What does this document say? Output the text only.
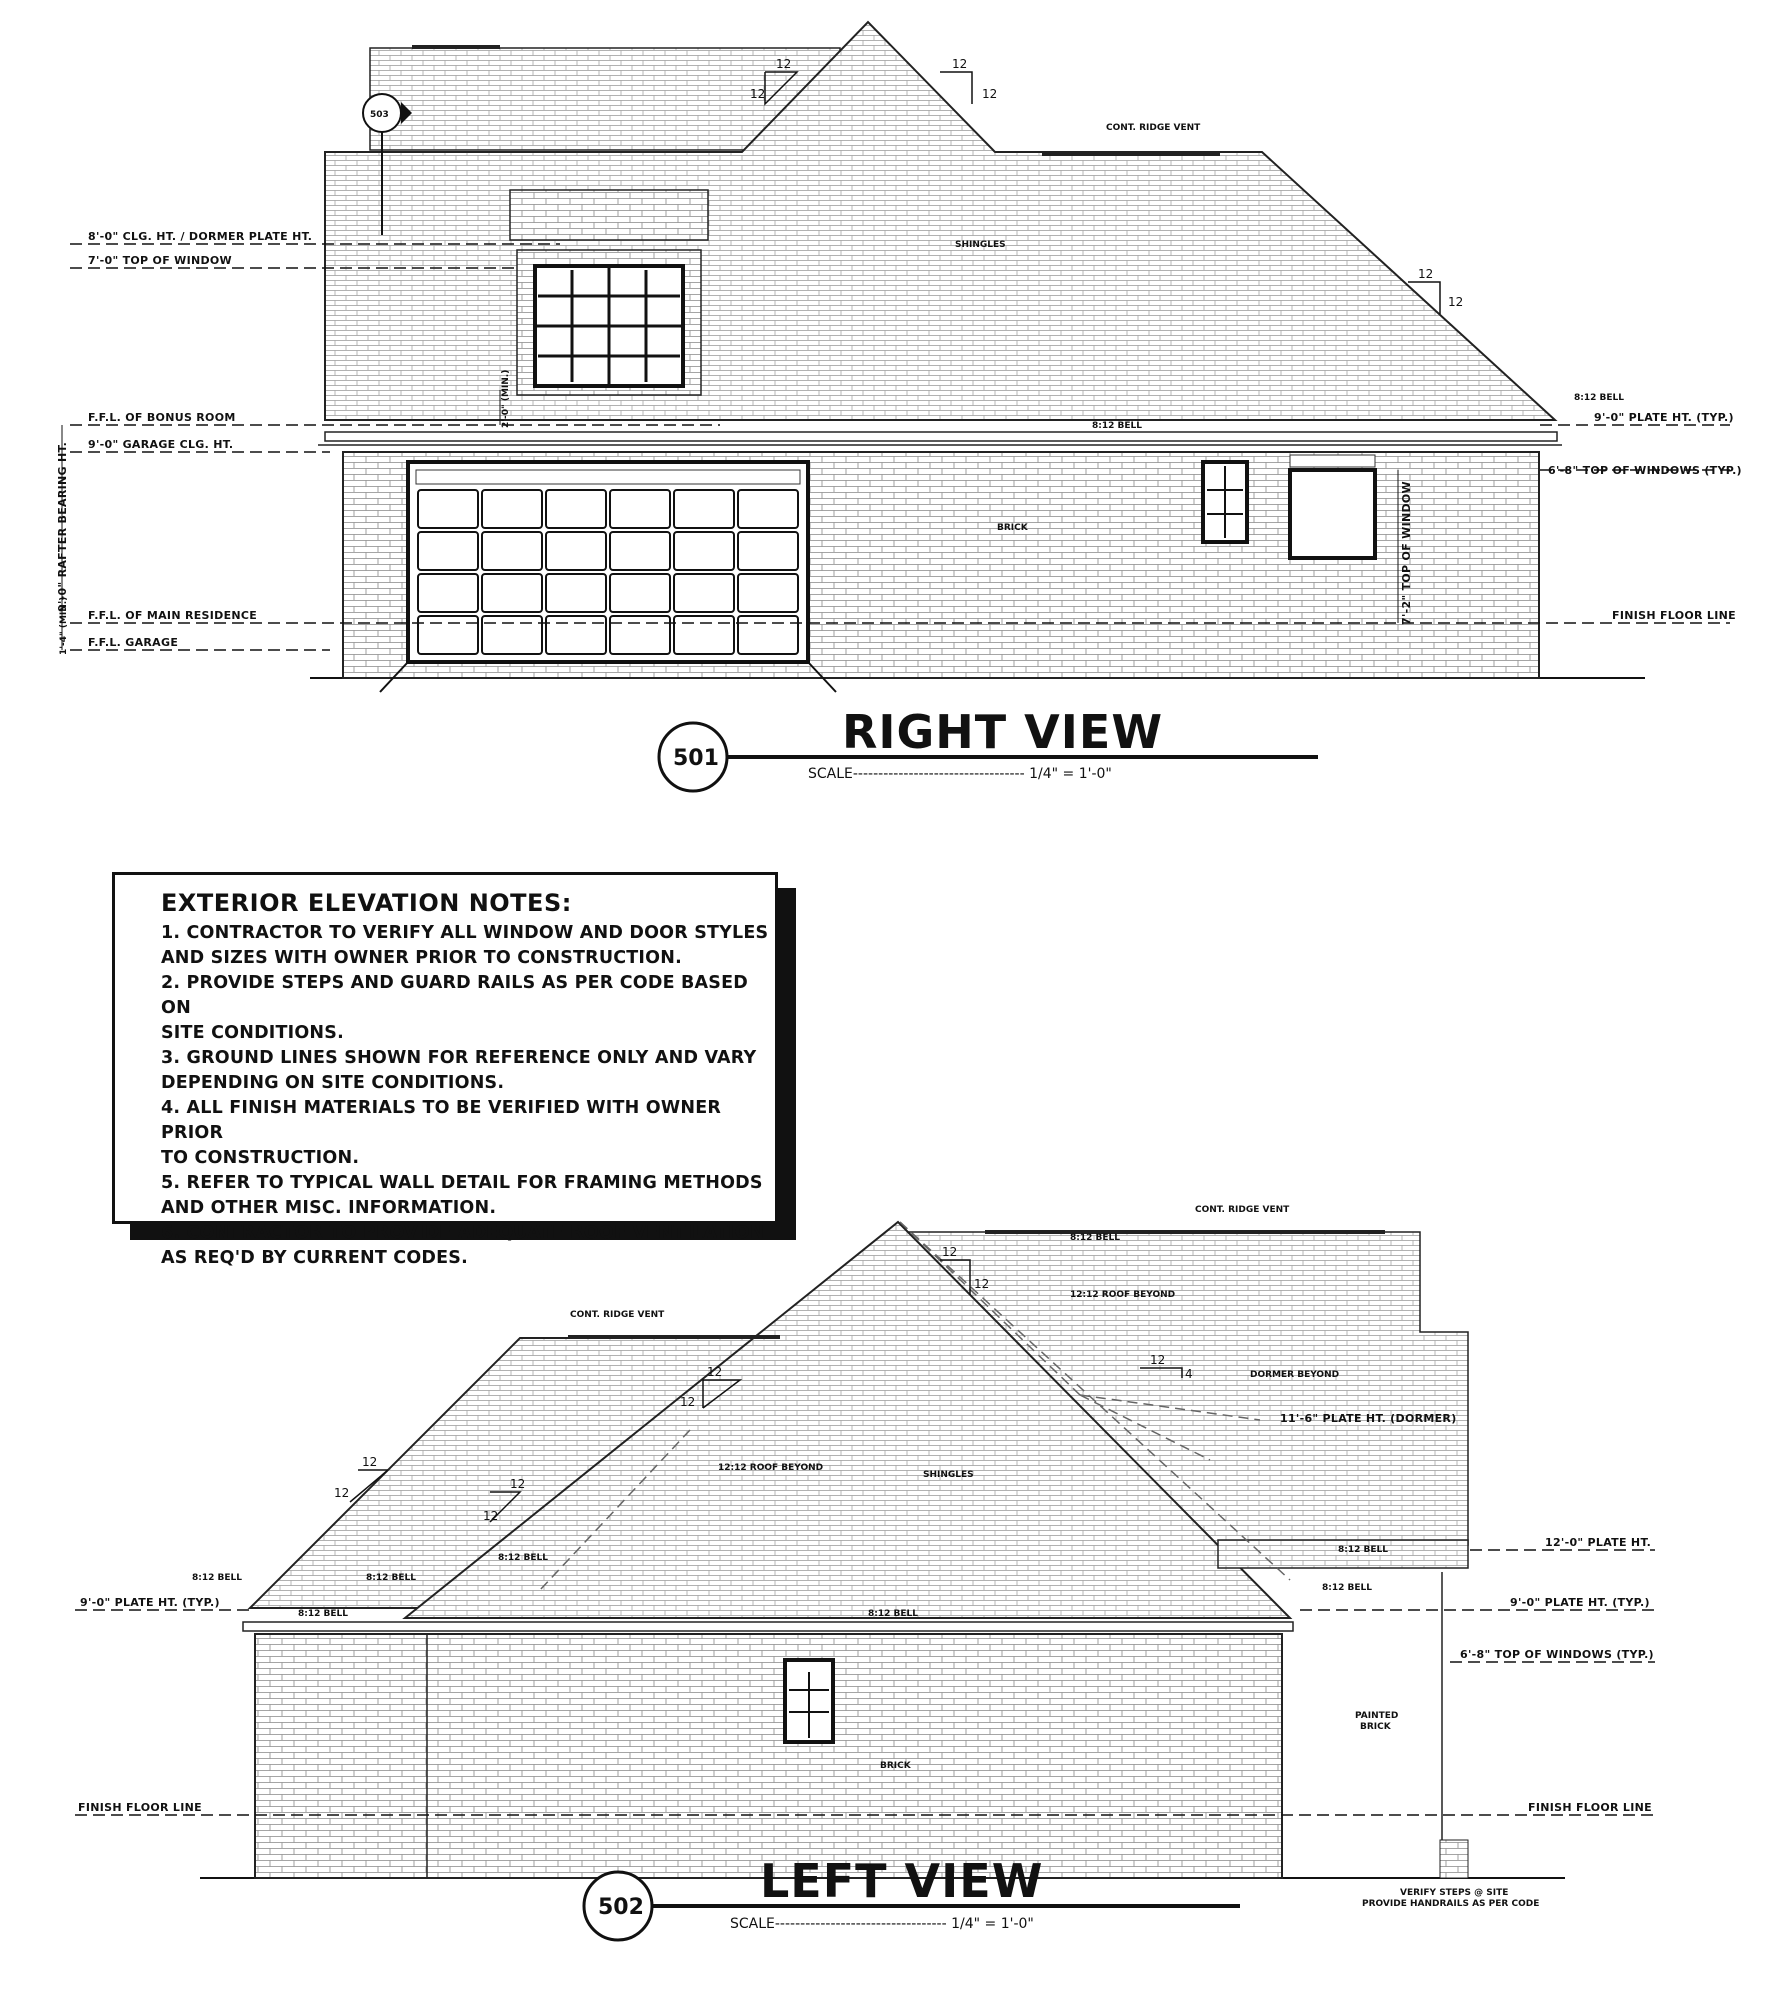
8'-0" CLG. HT. / DORMER PLATE HT.
7'-0" TOP OF WINDOW
F.F.L. OF BONUS ROOM
9'-0" GARAGE CLG. HT.
F.F.L. OF MAIN RESIDENCE
F.F.L. GARAGE
9'-0" RAFTER BEARING HT.
1'-4" (MIN.)
2'-0" (MIN.)
CONT. RIDGE VENT
SHINGLES
BRICK
8:12 BELL
8:12 BELL
9'-0" PLATE HT. (TYP.)
6'-8" TOP OF WINDOWS (TYP.)
7'-2" TOP OF WINDOW	FINISH FLOOR LINE
12
12
12
12
12
12
503
501	RIGHT VIEW
SCALE---------------------------------- 1/4" = 1'-0"
CONT. RIDGE VENT
CONT. RIDGE VENT
12:12 ROOF BEYOND
12:12 ROOF BEYOND
DORMER BEYOND
11'-6" PLATE HT. (DORMER)
SHINGLES
12'-0" PLATE HT.
9'-0" PLATE HT. (TYP.)
9'-0" PLATE HT. (TYP.)
6'-8" TOP OF WINDOWS (TYP.)
PAINTED
BRICK
BRICK
FINISH FLOOR LINE	FINISH FLOOR LINE
8:12 BELL
8:12 BELL
8:12 BELL
8:12 BELL
8:12 BELL
8:12 BELL
8:12 BELL
8:12 BELL
VERIFY STEPS @ SITE
PROVIDE HANDRAILS AS PER CODE
12
12
12
12
12
12
12
12
12
4
502	LEFT VIEW
SCALE---------------------------------- 1/4" = 1'-0"
EXTERIOR ELEVATION NOTES:
1. CONTRACTOR TO VERIFY ALL WINDOW AND DOOR STYLES
AND SIZES WITH OWNER PRIOR TO CONSTRUCTION.
2. PROVIDE STEPS AND GUARD RAILS AS PER CODE BASED ON
SITE CONDITIONS.
3. GROUND LINES SHOWN FOR REFERENCE ONLY AND VARY
DEPENDING ON SITE CONDITIONS.
4. ALL FINISH MATERIALS TO BE VERIFIED WITH OWNER PRIOR
TO CONSTRUCTION.
5. REFER TO TYPICAL WALL DETAIL FOR FRAMING METHODS
AND OTHER MISC. INFORMATION.
6. CONTRACTOR TO PROVIDE ADEQUATE ROOF VENTILATION
AS REQ'D BY CURRENT CODES.
